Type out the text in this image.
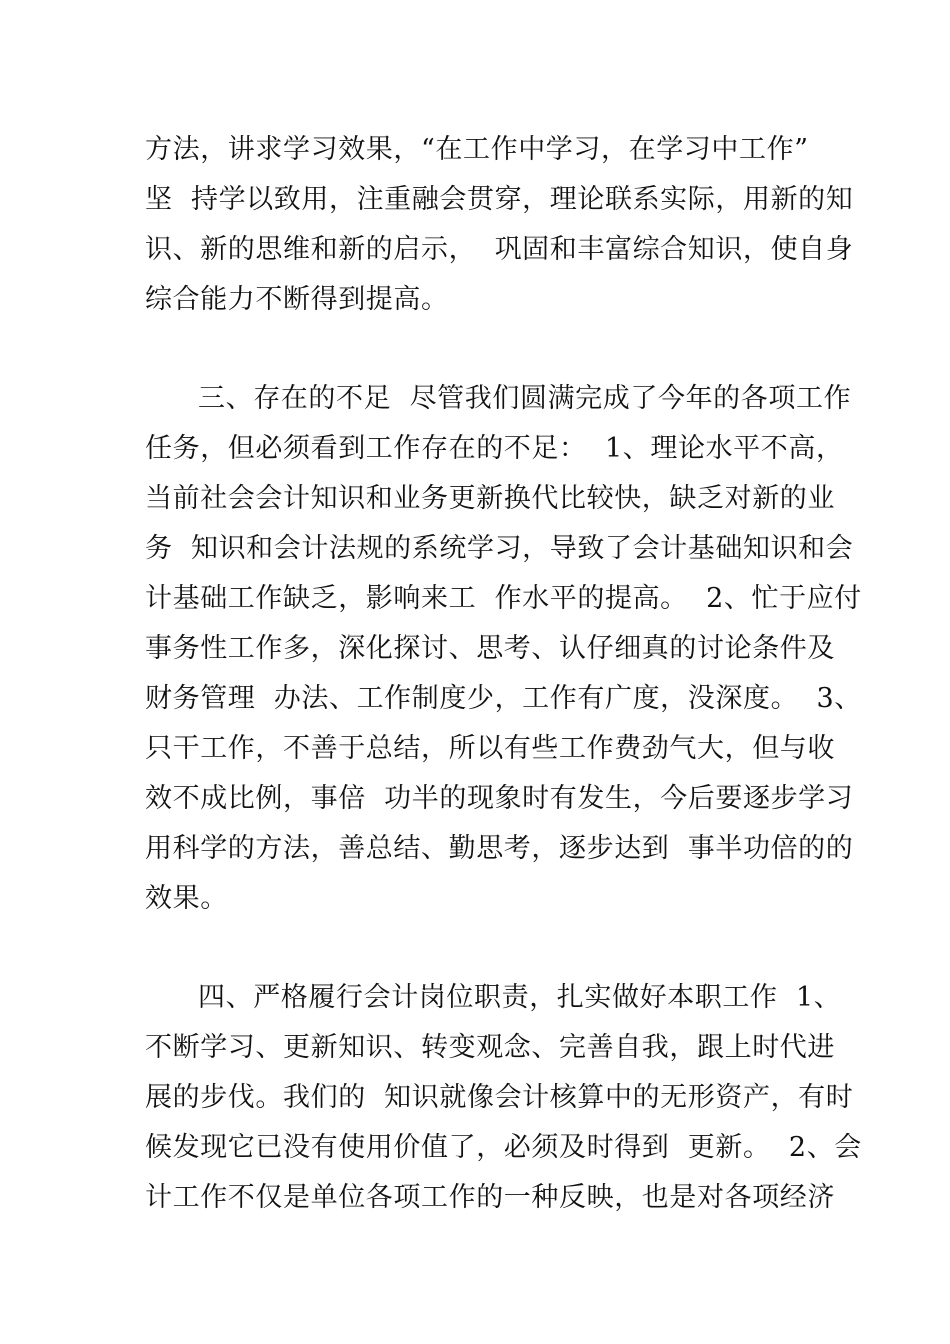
方法，讲求学习效果，“在工作中学习，在学习中工作”
坚  持学以致用，注重融会贯穿，理论联系实际，用新的知
识、新的思维和新的启示，  巩固和丰富综合知识，使自身
综合能力不断得到提高。
三、存在的不足  尽管我们圆满完成了今年的各项工作
任务，但必须看到工作存在的不足：  1、理论水平不高，
当前社会会计知识和业务更新换代比较快，缺乏对新的业
务  知识和会计法规的系统学习，导致了会计基础知识和会
计基础工作缺乏，影响来工  作水平的提高。  2、忙于应付
事务性工作多，深化探讨、思考、认仔细真的讨论条件及
财务管理  办法、工作制度少，工作有广度，没深度。  3、
只干工作，不善于总结，所以有些工作费劲气大，但与收
效不成比例，事倍  功半的现象时有发生，今后要逐步学习
用科学的方法，善总结、勤思考，逐步达到  事半功倍的的
效果。
四、严格履行会计岗位职责，扎实做好本职工作  1、
不断学习、更新知识、转变观念、完善自我，跟上时代进
展的步伐。我们的  知识就像会计核算中的无形资产，有时
候发现它已没有使用价值了，必须及时得到  更新。  2、会
计工作不仅是单位各项工作的一种反映，也是对各项经济
